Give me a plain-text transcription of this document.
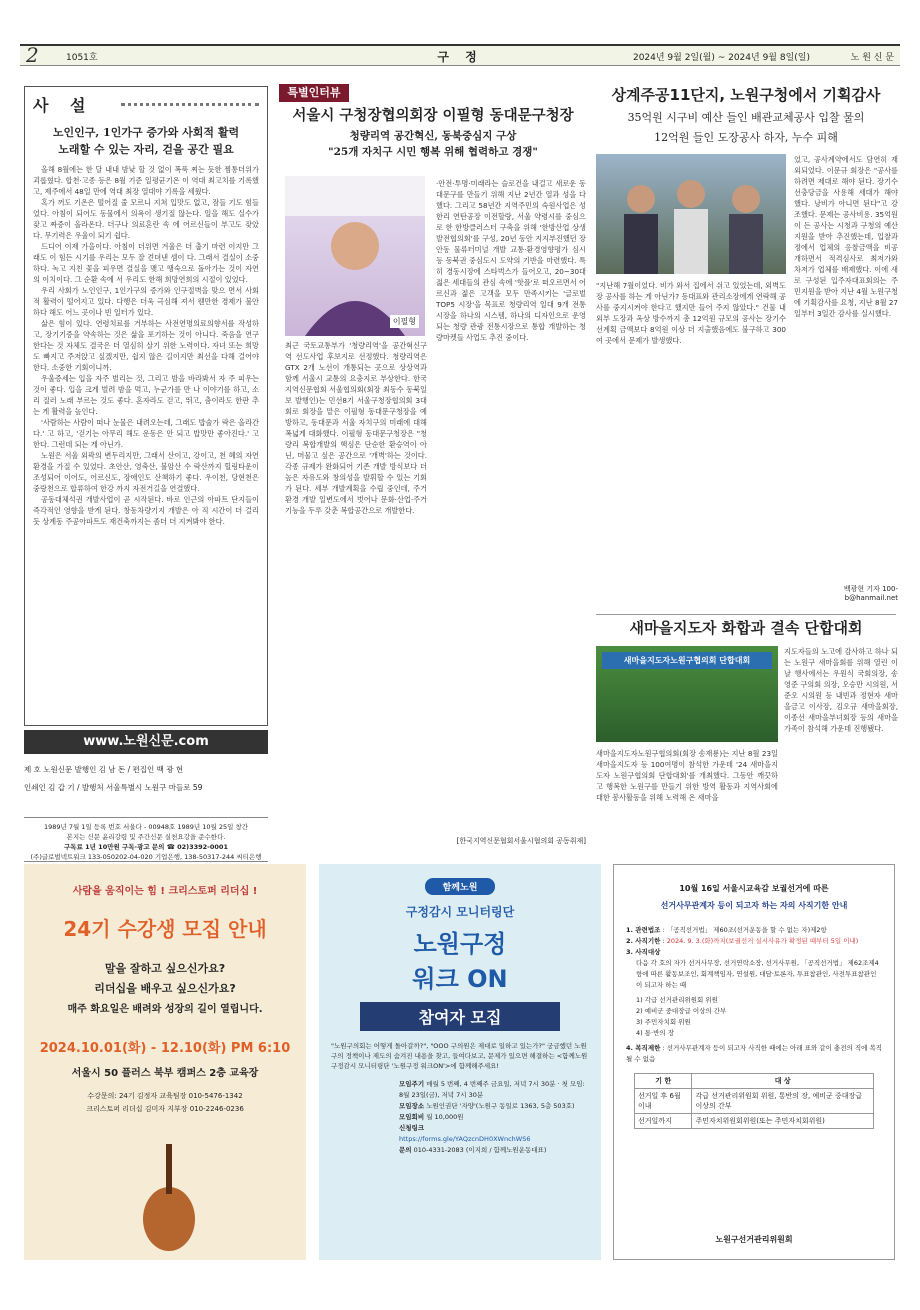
2	1051호	구 정	2024년 9월 2일(월) ~ 2024년 9월 8일(일)	노 원 신 문
사 설
노인인구, 1인가구 증가와 사회적 활력
노래할 수 있는 자리, 걷을 공간 필요

올해 8월에는 한 달 내내 밤낮 할 것 없이 폭푹 찌는 듯한 찜통더위가 괴롭혔다. 합천·고종 등은 8월 기준 일평균기온 이 역대 최고치를 기록했고, 제주에서 48일 만에 역대 최장 열대야 기록을 세웠다.

혹가 꺼도 기온은 떨어질 줄 모르니 지쳐 입맛도 없고, 잠들 기도 힘들었다. 아침이 되어도 동물에서 의욕이 생기질 않는다. 일을 해도 실수가 잦고 짜증이 올라온다. 더구나 의료혼란 속 에 어르신들이 부고도 잦았다. 무기력은 우울이 되기 쉽다.

드디어 이제 가을이다. 아침이 더위면 겨울은 더 춥기 마련 이지만 그래도 이 힘든 시기를 우리는 모두 잘 견뎌낸 셈이 다. 그래서 결실이 소중하다. 녹고 지친 꽃을 피우면 결실을 맺고 땡숙으로 돌아가는 것이 자연의 이치이다. 그 순환 속에 서 우리도 한해 희망연희의 시절이 있었다.

우리 사회가 노인인구, 1인가구의 증가와 인구절벽을 맞으 면서 사회적 활력이 떨어지고 있다. 다행은 더욱 극심해 져서 웬만한 경제가 불안하다 해도 어느 곳이나 빈 일터가 있다.

삶은 힘이 있다. 연령치료를 거부하는 사전연명의료의향서를 작성하고, 장기기증을 약속하는 것은 삶을 포기하는 것이 아니다. 죽음을 연구한다는 것 자체도 결국은 더 열심히 살기 위한 노력이다. 자녀 또는 희망도 빠지고 주저앉고 싶겠지만, 쉽지 않은 길이지만 최선을 다해 걸어야 한다. 소중한 기회이니까.

우울증세는 입을 자주 벌리는 것, 그리고 밤을 바라봐서 자 주 피우는 것이 좋다. 입을 크게 벌려 밤을 먹고, 누군가를 만 나 이야기를 하고, 소리 질러 노래 부르는 것도 좋다. 혼자라도 걷고, 뛰고, 춤이라도 한판 추는 게 활력을 높인다.

'사람하는 사람이 떠나 눈물은 내려오는데, 그래도 밥술가 락은 올라간다.' 고 하고, '걷기는 아무리 해도 운동은 안 되고 밥맛만 좋아진다.' 고 한다. 그런데 되는 게 아닌가.

노원은 서울 외곽의 변두리지만, 그래서 산이고, 강이고, 천 혜의 자연환경을 가질 수 있었다. 초안산, 영축산, 불암산 수 락산까지 힐링타운이 조성되어 이어도, 어르신도, 장애인도 산책하기 좋다. 우이천, 당현천은 중랑천으로 합류하여 한강 까지 자전거길을 연결했다.

공동대체석권 개발사업이 곧 시작된다. 바로 인근의 아파트 단지들이 즉각적인 영향을 받게 된다. 창동차량기지 개발은 아 직 시간이 더 걸리듯 상계동 주공아파트도 재건축까지는 좀더 더 지켜봐야 한다.

www.노원신문.com
제 호 노원신문 발행인 김 남 돈 / 편집인 백 광 현
인쇄인 김 갑 기 / 발행처 서울특별시 노원구 마들로 59
1989년 7월 1일 등록 번호 서울다 - 00948호 1989년 10월 25일 창간
본지는 신문 윤리강령 및 주간신문 실천요강을 준수한다.
구독료 1년 10만원 구독·광고 문의 ☎ 02)3392-0001
(주)글로벌넥트워크 133-050202-04-020 기업은행, 138-50317-244 씨티은행
특별인터뷰
서울시 구청장협의회장 이필형 동대문구청장
청량리역 공간혁신, 동북중심지 구상
"25개 자치구 시민 행복 위해 협력하고 경쟁"
이필형
최근 국토교통부가 '청량리역'을 공간혁신구역 선도사업 후보지로 선정했다. 청량리역은 GTX 2개 노선이 개통되는 곳으로 상상역과 함께 서울시 교통의 요충지로 부상한다. 한국지역신문협회 서울협의회(회장 최동수 동북일보 발행인)는 민선8기 서울구청장협의회 3대회로 회장을 맡은 이필형 동대문구청장을 예방하고, 동대문과 서울 자치구의 미래에 대해 폭넓게 대화했다. 이필형 동대문구청장은 "청량리 복합개발의 핵심은 단순한 환승역이 아닌, 머물고 싶은 공간으로 '개벽'하는 것이다. 각종 규제가 완화되어 기존 개발 방식보다 더 높은 자유도와 창의성을 발휘할 수 있는 기회가 된다. 세부 개발계획을 수립 중인데, 주거 환경 개발 일변도에서 벗어나 문화·산업·주거 기능을 두루 갖춘 복합공간으로 개발한다.
·안전·투명·미래라는 슬로건을 내걸고 새로운 동대문구를 만들기 위해 지난 2년간 열과 성을 다했다. 그리고 58년간 지역주민의 숙원사업은 성한리 연탄공장 이전할랑, 서울 약령시를 중심으로 한 한방클러스터 구축을 위해 '한방산업 상생발전협의회'를 구성, 20년 동안 지지부진했던 장안동 물류터미널 개발 교통·환경영향평가 심시 등 동북권 중심도시 도약의 기반을 마련했다. 특히 경동시장에 스타벅스가 들어오고, 20~30대 젊은 세대들의 관심 속에 '핫플'로 떠오르면서 어르신과 젊은 고객을 모두 만족시키는 '글로벌 TOP5 시장'을 목표로 청량리역 일대 9개 전통시장을 하나의 시스템, 하나의 디자인으로 운영되는 청량 관광 전통시장으로 통합 개발하는 청량마켓들 사업도 추진 중이다.
[한국지역신문협회서울시협의회 공동취재]
상계주공11단지, 노원구청에서 기획감사
35억원 시구비 예산 들인 배관교체공사 입찰 물의
12억원 들인 도장공사 하자, 누수 피해
"지난해 7월이었다. 비가 와서 집에서 쉬고 있었는데, 외벽도장 공사를 하는 게 아닌가? 동대표와 관리소장에게 연락해 공사를 중지시켜야 한다고 했지만 들어 주지 않았다." 건물 내외부 도장과 옥상 방수까지 총 12억원 규모의 공사는 장기수선계획 금액보다 8억원 이상 더 지출했음에도 불구하고 300여 곳에서 문제가 발생했다.
었고, 공사계약에서도 담연히 재외되었다. 이문규 회장은 "공사를 하려면 제대로 해야 된다. 장기수선충당금을 사용해 세대가 해야 했다. 낭비가 아니면 된다"고 강조했다. 문제는 공사비용. 35억원이 든 공사는 시청과 구청의 예산지원을 받아 추진했는데, 입찰과정에서 업체의 응찰금액을 비공개하면서 적격심사로 최저가와 차저가 업체를 배제했다. 이에 새로 구성된 입주자대표회의는 주민지원을 받아 지난 4월 노원구청에 기획감사를 요청, 지난 8월 27일부터 3일간 감사를 실시했다.
백광현 기자 100-b@hanmail.net
새마을지도자 화합과 결속 단합대회
새마을지도자노원구협의회 단합대회
지도자들의 노고에 감사하고 하나 되는 노원구 새마을회를 위해 열린 이날 행사에서는 우원식 국회의장, 송영준 구의회 의장, 오승만 시의원, 서준오 시의원 등 내빈과 정현자 새마을금고 이사장, 김오규 새마을회장, 이종선 새마을부녀회장 등의 새마을 가족이 참석해 가운데 진행됐다.
새마을지도자노원구협의회(회장 송재룡)는 지난 8월 23일 새마을지도자 등 100여명이 참석한 가운데 '24 새마을지도자 노원구협의회 단합대회'를 개최했다. 그동안 깨끗하고 행복한 노원구를 만들기 위한 방역 활동과 지역사회에 대한 봉사활동을 위해 노력해 온 새마을
사람을 움직이는 힘 ! 크리스토퍼 리더십 !
24기 수강생 모집 안내
말을 잘하고 싶으신가요?
리더십을 배우고 싶으신가요?
매주 화요일은 배려와 성장의 길이 열립니다.
2024.10.01(화) - 12.10(화) PM 6:10
서울시 50 플러스 북부 캠퍼스 2층 교육장
수강문의: 24기 김정자 교육팀장 010-5476-1342
크리스토퍼 리더십 김미자 지부장 010-2246-0236
함께노원
구정감시 모니터링단
노원구정
워크 ON
참여자 모집
"노원구의회는 어떻게 돌아갈까?", "OOO 구의원은 제대로 일하고 있는가?" 궁금했던 노원구의 정책이나 제도의 숨겨진 내용을 찾고, 들여다보고, 문제가 있으면 해결하는 <함께노원 구정감시 모니터링단 '노원구정 워크ON'>에 함께해주세요!
모임주기 매월 5 번째, 4 번째주 금요일, 저녁 7시 30분 · 첫 모임: 8월 23일(금), 저녁 7시 30분
모임장소 노원인권단 '자양'(노원구 동일로 1363, 5층 503호)
모임회비 월 10,000원
신청링크
https://forms.gle/YAQzcnDH0XWnchWS6
문의 010-4331-2083 (이지희 / 함께노원운동대표)
10월 16일 서울시교육감 보궐선거에 따른
선거사무관계자 등이 되고자 하는 자의 사직기한 안내
1. 관련법조 : 「공직선거법」 제60조(선거운동을 할 수 없는 자)제2항
2. 사직기한 : 2024. 9. 3.(화)까지(보궐선거 실시사유가 확정된 때부터 5일 이내)
3. 사직대상
다음 각 호의 자가 선거사무장, 선거연락소장, 선거사무원, 「공직선거법」 제62조제4항에 따른 활동보조인, 회계책임자, 연설원, 대담·토론자, 투표참관인, 사전투표참관인이 되고자 하는 때
1) 각급 선거관리위원회 위원
2) 예비군 중대장급 이상의 간부
3) 주민자치회 위원
4) 통·반의 장
4. 복직제한 : 선거사무관계자 등이 되고자 사직한 때에는 아래 표와 같이 충전의 직에 복직될 수 없음
기 한	대 상
선거일 후 6월 이내	각급 선거관리위원회 위원, 통반의 장, 예비군 중대장급 이상의 간부
선거일까지	주민자치위원회위원(또는 주민자치회위원)
노원구선거관리위원회
